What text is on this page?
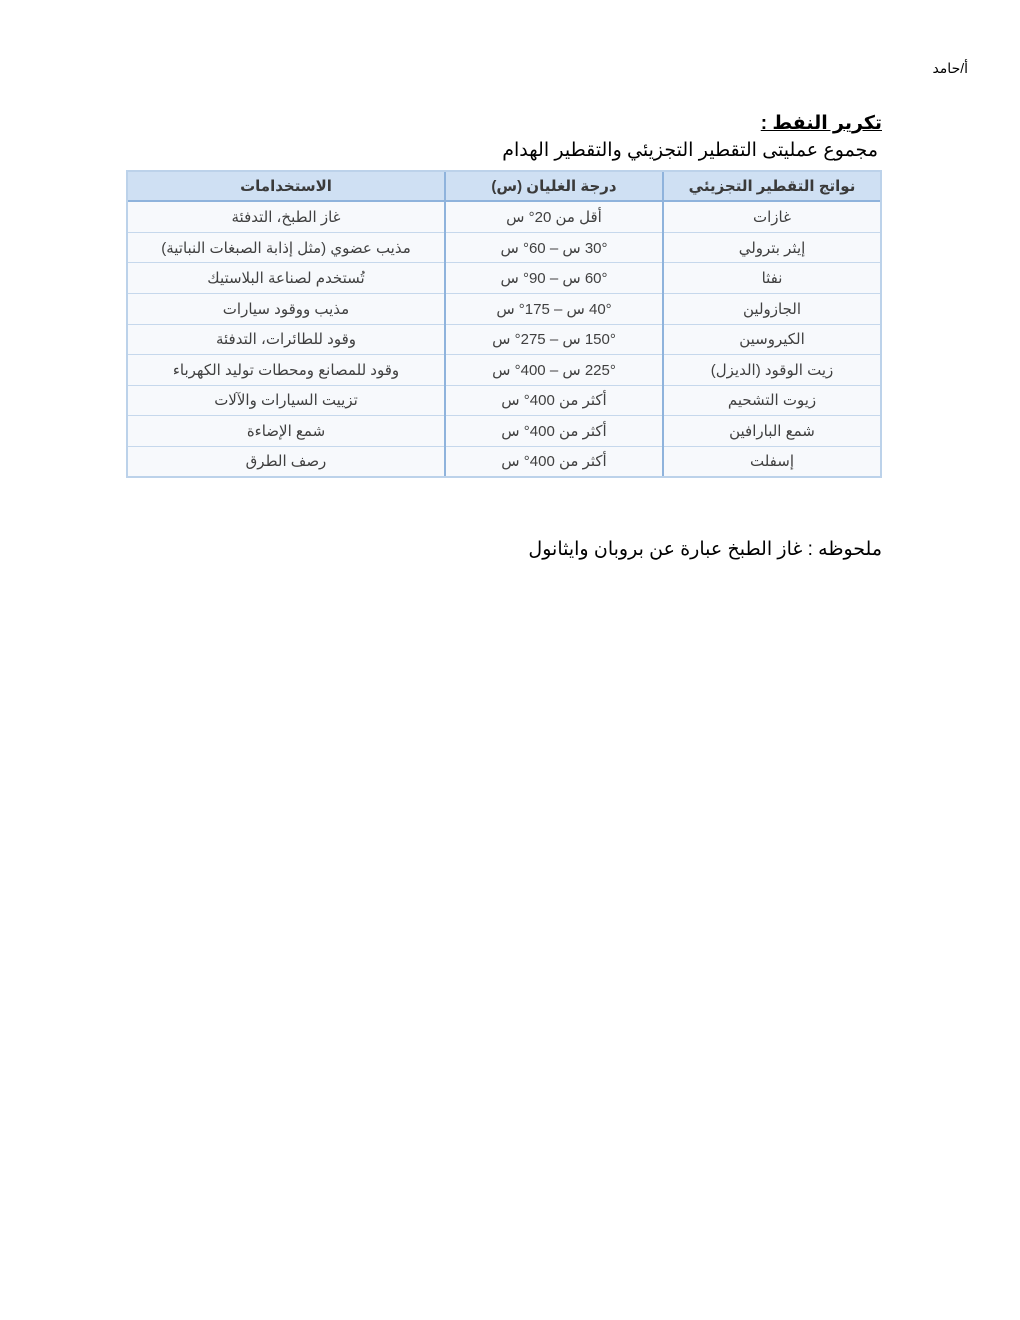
أ/حامد
تكرير النفط :
مجموع عمليتى التقطير التجزيئي والتقطير الهدام
نواتج التقطير التجزيئي	درجة الغليان (س)	الاستخدامات
غازات	أقل من 20° س	غاز الطبخ، التدفئة
إيثر بترولي	30° س – 60° س	مذيب عضوي (مثل إذابة الصبغات النباتية)
نفثا	60° س – 90° س	تُستخدم لصناعة البلاستيك
الجازولين	40° س – 175° س	مذيب ووقود سيارات
الكيروسين	150° س – 275° س	وقود للطائرات، التدفئة
زيت الوقود (الديزل)	225° س – 400° س	وقود للمصانع ومحطات توليد الكهرباء
زيوت التشحيم	أكثر من 400° س	تزييت السيارات والآلات
شمع البارافين	أكثر من 400° س	شمع الإضاءة
إسفلت	أكثر من 400° س	رصف الطرق
ملحوظه : غاز الطبخ عبارة عن بروبان وايثانول
